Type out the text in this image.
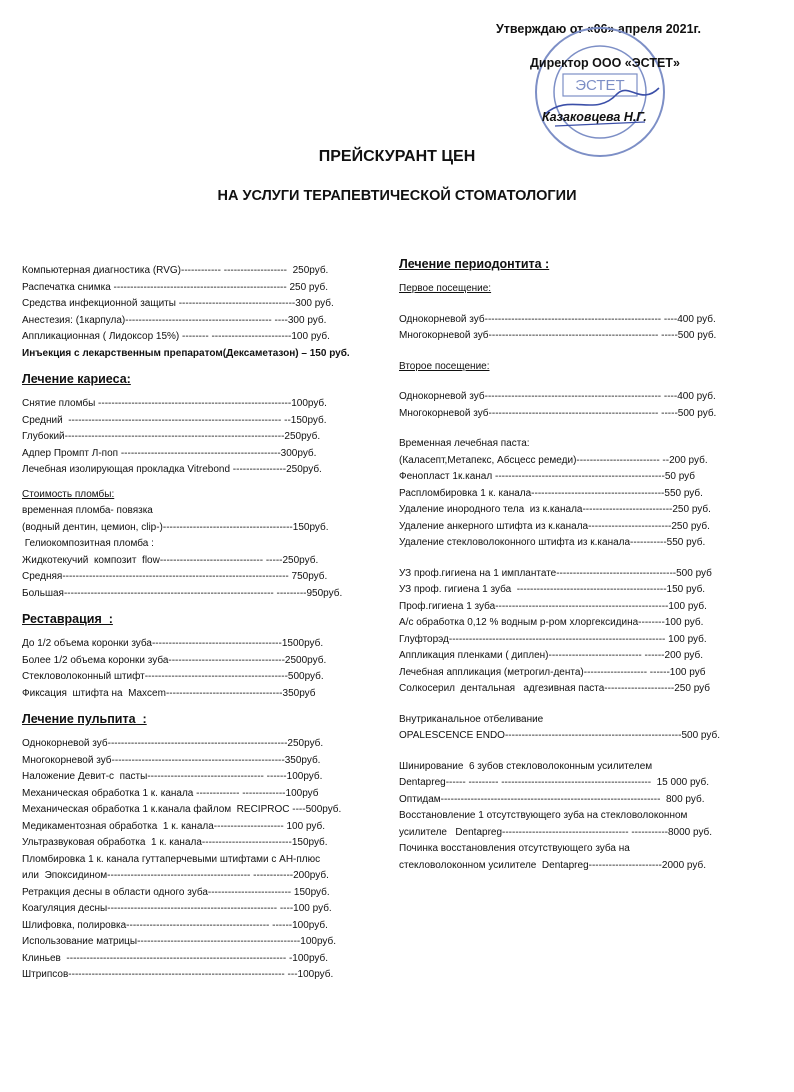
Утверждаю от «06» апреля 2021г.
ЭСТЕТ
Директор ООО «ЭСТЕТ»
Казаковцева Н.Г.
ПРЕЙСКУРАНТ ЦЕН
НА УСЛУГИ ТЕРАПЕВТИЧЕСКОЙ СТОМАТОЛОГИИ
Компьютерная диагностика (RVG)------------ -------------------  250руб.
Распечатка снимка ---------------------------------------------------- 250 руб.
Средства инфекционной защиты -----------------------------------300 руб.
Анестезия: (1карпула)-------------------------------------------- ----300 руб.
Аппликационная ( Лидоксор 15%) -------- ------------------------100 руб.
Инъекция с лекарственным препаратом(Дексаметазон) – 150 руб.
Лечение кариеса:
Снятие пломбы ----------------------------------------------------------100руб.
Средний  ---------------------------------------------------------------- --150руб.
Глубокий------------------------------------------------------------------250руб.
Адпер Промпт Л-поп ------------------------------------------------300руб.
Лечебная изолирующая прокладка Vitrebond ----------------250руб.
Стоимость пломбы:
временная пломба- повязка
(водный дентин, цемион, clip-)---------------------------------------150руб.
Гелиокомпозитная пломба :
Жидкотекучий  композит  flow------------------------------- -----250руб.
Средняя-------------------------------------------------------------------- 750руб.
Большая--------------------------------------------------------------- ---------950руб.
Реставрация  :
До 1/2 объема коронки зуба---------------------------------------1500руб.
Более 1/2 объема коронки зуба-----------------------------------2500руб.
Стекловолоконный штифт-------------------------------------------500руб.
Фиксация  штифта на  Maxcem-----------------------------------350руб
Лечение пульпита  :
Однокорневой зуб------------------------------------------------------250руб.
Многокорневой зуб----------------------------------------------------350руб.
Наложение Девит-с  пасты----------------------------------- ------100руб.
Механическая обработка 1 к. канала ------------- -------------100руб
Механическая обработка 1 к.канала файлом  RECIPROC ----500руб.
Медикаментозная обработка  1 к. канала--------------------- 100 руб.
Ультразвуковая обработка  1 к. канала---------------------------150руб.
Пломбировка 1 к. канала гуттаперчевыми штифтами с АН-плюс
или  Эпоксидином------------------------------------------- ------------200руб.
Ретракция десны в области одного зуба------------------------- 150руб.
Коагуляция десны--------------------------------------------------- ----100 руб.
Шлифовка, полировка------------------------------------------- ------100руб.
Использование матрицы-------------------------------------------------100руб.
Клиньев  ------------------------------------------------------------------ -100руб.
Штрипсов----------------------------------------------------------------- ---100руб.
Лечение периодонтита :
Первое посещение:
Однокорневой зуб----------------------------------------------------- ----400 руб.
Многокорневой зуб--------------------------------------------------- -----500 руб.
Второе посещение:
Однокорневой зуб----------------------------------------------------- ----400 руб.
Многокорневой зуб--------------------------------------------------- -----500 руб.
Временная лечебная паста:
(Каласепт,Метапекс, Абсцесс ремеди)------------------------- --200 руб.
Фенопласт 1к.канал ---------------------------------------------------50 руб
Распломбировка 1 к. канала----------------------------------------550 руб.
Удаление инородного тела  из к.канала---------------------------250 руб.
Удаление анкерного штифта из к.канала-------------------------250 руб.
Удаление стекловолоконного штифта из к.канала-----------550 руб.
УЗ проф.гигиена на 1 имплантате------------------------------------500 руб
УЗ проф. гигиена 1 зуба  ---------------------------------------------150 руб.
Проф.гигиена 1 зуба----------------------------------------------------100 руб.
А/с обработка 0,12 % водным р-ром хлоргексидина--------100 руб.
Глуфторэд----------------------------------------------------------------- 100 руб.
Аппликация пленками ( диплен)---------------------------- ------200 руб.
Лечебная аппликация (метрогил-дента)------------------- ------100 руб
Солкосерил  дентальная   адгезивная паста---------------------250 руб
Внутриканальное отбеливание
OPALESCENCE ENDO-----------------------------------------------------500 руб.
Шинирование  6 зубов стекловолоконным усилителем
Dentapreg------ --------- ---------------------------------------------  15 000 руб.
Оптидам------------------------------------------------------------------  800 руб.
Восстановление 1 отсутствующего зуба на стекловолоконном
усилителе   Dentapreg-------------------------------------- -----------8000 руб.
Починка восстановления отсутствующего зуба на
стекловолоконном усилителе  Dentapreg----------------------2000 руб.
